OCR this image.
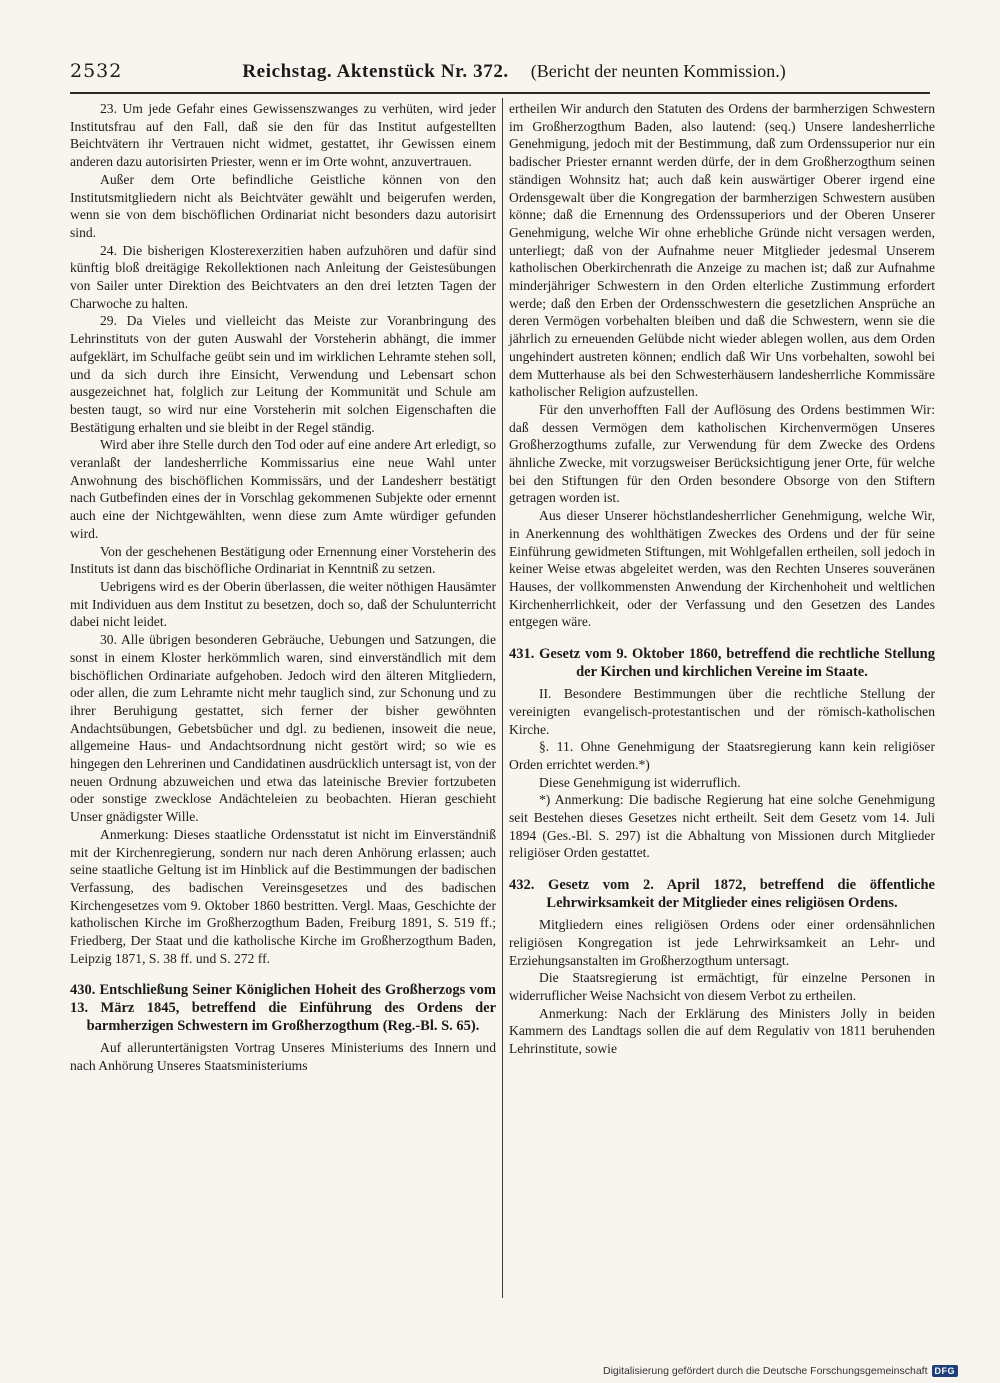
2532	Reichstag. Aktenstück Nr. 372. (Bericht der neunten Kommission.)

23. Um jede Gefahr eines Gewissenszwanges zu verhüten, wird jeder Institutsfrau auf den Fall, daß sie den für das Institut aufgestellten Beichtvätern ihr Vertrauen nicht widmet, gestattet, ihr Gewissen einem anderen dazu autorisirten Priester, wenn er im Orte wohnt, anzuvertrauen.

Außer dem Orte befindliche Geistliche können von den Institutsmitgliedern nicht als Beichtväter gewählt und beigerufen werden, wenn sie von dem bischöflichen Ordinariat nicht besonders dazu autorisirt sind.

24. Die bisherigen Klosterexerzitien haben aufzuhören und dafür sind künftig bloß dreitägige Rekollektionen nach Anleitung der Geistesübungen von Sailer unter Direktion des Beichtvaters an den drei letzten Tagen der Charwoche zu halten.

29. Da Vieles und vielleicht das Meiste zur Voranbringung des Lehrinstituts von der guten Auswahl der Vorsteherin abhängt, die immer aufgeklärt, im Schulfache geübt sein und im wirklichen Lehramte stehen soll, und da sich durch ihre Einsicht, Verwendung und Lebensart schon ausgezeichnet hat, folglich zur Leitung der Kommunität und Schule am besten taugt, so wird nur eine Vorsteherin mit solchen Eigenschaften die Bestätigung erhalten und sie bleibt in der Regel ständig.

Wird aber ihre Stelle durch den Tod oder auf eine andere Art erledigt, so veranlaßt der landesherrliche Kommissarius eine neue Wahl unter Anwohnung des bischöflichen Kommissärs, und der Landesherr bestätigt nach Gutbefinden eines der in Vorschlag gekommenen Subjekte oder ernennt auch eine der Nichtgewählten, wenn diese zum Amte würdiger gefunden wird.

Von der geschehenen Bestätigung oder Ernennung einer Vorsteherin des Instituts ist dann das bischöfliche Ordinariat in Kenntniß zu setzen.

Uebrigens wird es der Oberin überlassen, die weiter nöthigen Hausämter mit Individuen aus dem Institut zu besetzen, doch so, daß der Schulunterricht dabei nicht leidet.

30. Alle übrigen besonderen Gebräuche, Uebungen und Satzungen, die sonst in einem Kloster herkömmlich waren, sind einverständlich mit dem bischöflichen Ordinariate aufgehoben. Jedoch wird den älteren Mitgliedern, oder allen, die zum Lehramte nicht mehr tauglich sind, zur Schonung und zu ihrer Beruhigung gestattet, sich ferner der bisher gewöhnten Andachtsübungen, Gebetsbücher und dgl. zu bedienen, insoweit die neue, allgemeine Haus- und Andachtsordnung nicht gestört wird; so wie es hingegen den Lehrerinen und Candidatinen ausdrücklich untersagt ist, von der neuen Ordnung abzuweichen und etwa das lateinische Brevier fortzubeten oder sonstige zwecklose Andächteleien zu beobachten. Hieran geschieht Unser gnädigster Wille.

Anmerkung: Dieses staatliche Ordensstatut ist nicht im Einverständniß mit der Kirchenregierung, sondern nur nach deren Anhörung erlassen; auch seine staatliche Geltung ist im Hinblick auf die Bestimmungen der badischen Verfassung, des badischen Vereinsgesetzes und des badischen Kirchengesetzes vom 9. Oktober 1860 bestritten. Vergl. Maas, Geschichte der katholischen Kirche im Großherzogthum Baden, Freiburg 1891, S. 519 ff.; Friedberg, Der Staat und die katholische Kirche im Großherzogthum Baden, Leipzig 1871, S. 38 ff. und S. 272 ff.

430. Entschließung Seiner Königlichen Hoheit des Großherzogs vom 13. März 1845, betreffend die Einführung des Ordens der barmherzigen Schwestern im Großherzogthum (Reg.-Bl. S. 65).

Auf alleruntertänigsten Vortrag Unseres Ministeriums des Innern und nach Anhörung Unseres Staatsministeriums

ertheilen Wir andurch den Statuten des Ordens der barmherzigen Schwestern im Großherzogthum Baden, also lautend: (seq.) Unsere landesherrliche Genehmigung, jedoch mit der Bestimmung, daß zum Ordenssuperior nur ein badischer Priester ernannt werden dürfe, der in dem Großherzogthum seinen ständigen Wohnsitz hat; auch daß kein auswärtiger Oberer irgend eine Ordensgewalt über die Kongregation der barmherzigen Schwestern ausüben könne; daß die Ernennung des Ordenssuperiors und der Oberen Unserer Genehmigung, welche Wir ohne erhebliche Gründe nicht versagen werden, unterliegt; daß von der Aufnahme neuer Mitglieder jedesmal Unserem katholischen Oberkirchenrath die Anzeige zu machen ist; daß zur Aufnahme minderjähriger Schwestern in den Orden elterliche Zustimmung erfordert werde; daß den Erben der Ordensschwestern die gesetzlichen Ansprüche an deren Vermögen vorbehalten bleiben und daß die Schwestern, wenn sie die jährlich zu erneuenden Gelübde nicht wieder ablegen wollen, aus dem Orden ungehindert austreten können; endlich daß Wir Uns vorbehalten, sowohl bei dem Mutterhause als bei den Schwesterhäusern landesherrliche Kommissäre katholischer Religion aufzustellen.

Für den unverhofften Fall der Auflösung des Ordens bestimmen Wir: daß dessen Vermögen dem katholischen Kirchenvermögen Unseres Großherzogthums zufalle, zur Verwendung für dem Zwecke des Ordens ähnliche Zwecke, mit vorzugsweiser Berücksichtigung jener Orte, für welche bei den Stiftungen für den Orden besondere Obsorge von den Stiftern getragen worden ist.

Aus dieser Unserer höchstlandesherrlicher Genehmigung, welche Wir, in Anerkennung des wohlthätigen Zweckes des Ordens und der für seine Einführung gewidmeten Stiftungen, mit Wohlgefallen ertheilen, soll jedoch in keiner Weise etwas abgeleitet werden, was den Rechten Unseres souveränen Hauses, der vollkommensten Anwendung der Kirchenhoheit und weltlichen Kirchenherrlichkeit, oder der Verfassung und den Gesetzen des Landes entgegen wäre.

431. Gesetz vom 9. Oktober 1860, betreffend die rechtliche Stellung der Kirchen und kirchlichen Vereine im Staate.

II. Besondere Bestimmungen über die rechtliche Stellung der vereinigten evangelisch-protestantischen und der römisch-katholischen Kirche.

§. 11. Ohne Genehmigung der Staatsregierung kann kein religiöser Orden errichtet werden.*)

Diese Genehmigung ist widerruflich.

*) Anmerkung: Die badische Regierung hat eine solche Genehmigung seit Bestehen dieses Gesetzes nicht ertheilt. Seit dem Gesetz vom 14. Juli 1894 (Ges.-Bl. S. 297) ist die Abhaltung von Missionen durch Mitglieder religiöser Orden gestattet.

432. Gesetz vom 2. April 1872, betreffend die öffentliche Lehrwirksamkeit der Mitglieder eines religiösen Ordens.

Mitgliedern eines religiösen Ordens oder einer ordensähnlichen religiösen Kongregation ist jede Lehrwirksamkeit an Lehr- und Erziehungsanstalten im Großherzogthum untersagt.

Die Staatsregierung ist ermächtigt, für einzelne Personen in widerruflicher Weise Nachsicht von diesem Verbot zu ertheilen.

Anmerkung: Nach der Erklärung des Ministers Jolly in beiden Kammern des Landtags sollen die auf dem Regulativ von 1811 beruhenden Lehrinstitute, sowie

Digitalisierung gefördert durch die Deutsche Forschungsgemeinschaft DFG
